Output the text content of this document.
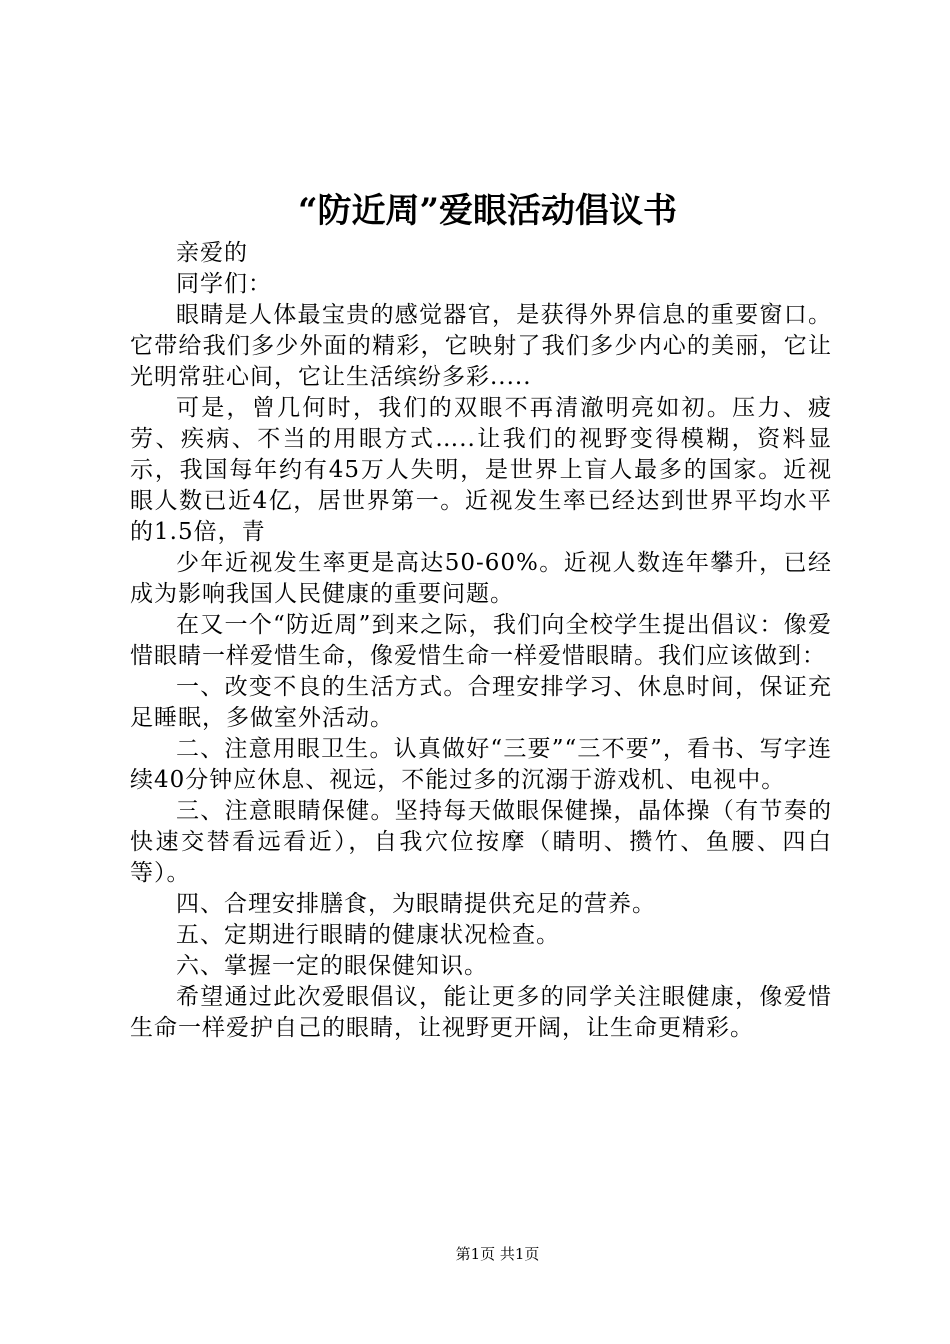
“防近周”爱眼活动倡议书

亲爱的

同学们：

眼睛是人体最宝贵的感觉器官，是获得外界信息的重要窗口。它带给我们多少外面的精彩，它映射了我们多少内心的美丽，它让光明常驻心间，它让生活缤纷多彩.....

可是，曾几何时，我们的双眼不再清澈明亮如初。压力、疲劳、疾病、不当的用眼方式…..让我们的视野变得模糊，资料显示，我国每年约有45万人失明，是世界上盲人最多的国家。近视眼人数已近4亿，居世界第一。近视发生率已经达到世界平均水平的1.5倍，青

少年近视发生率更是高达50-60%。近视人数连年攀升，已经成为影响我国人民健康的重要问题。

在又一个“防近周”到来之际，我们向全校学生提出倡议：像爱惜眼睛一样爱惜生命，像爱惜生命一样爱惜眼睛。我们应该做到：

一、改变不良的生活方式。合理安排学习、休息时间，保证充足睡眠，多做室外活动。

二、注意用眼卫生。认真做好“三要”“三不要”，看书、写字连续40分钟应休息、视远，不能过多的沉溺于游戏机、电视中。

三、注意眼睛保健。坚持每天做眼保健操，晶体操（有节奏的快速交替看远看近），自我穴位按摩（睛明、攒竹、鱼腰、四白等）。

四、合理安排膳食，为眼睛提供充足的营养。

五、定期进行眼睛的健康状况检查。

六、掌握一定的眼保健知识。

希望通过此次爱眼倡议，能让更多的同学关注眼健康，像爱惜生命一样爱护自己的眼睛，让视野更开阔，让生命更精彩。

第1页 共1页
